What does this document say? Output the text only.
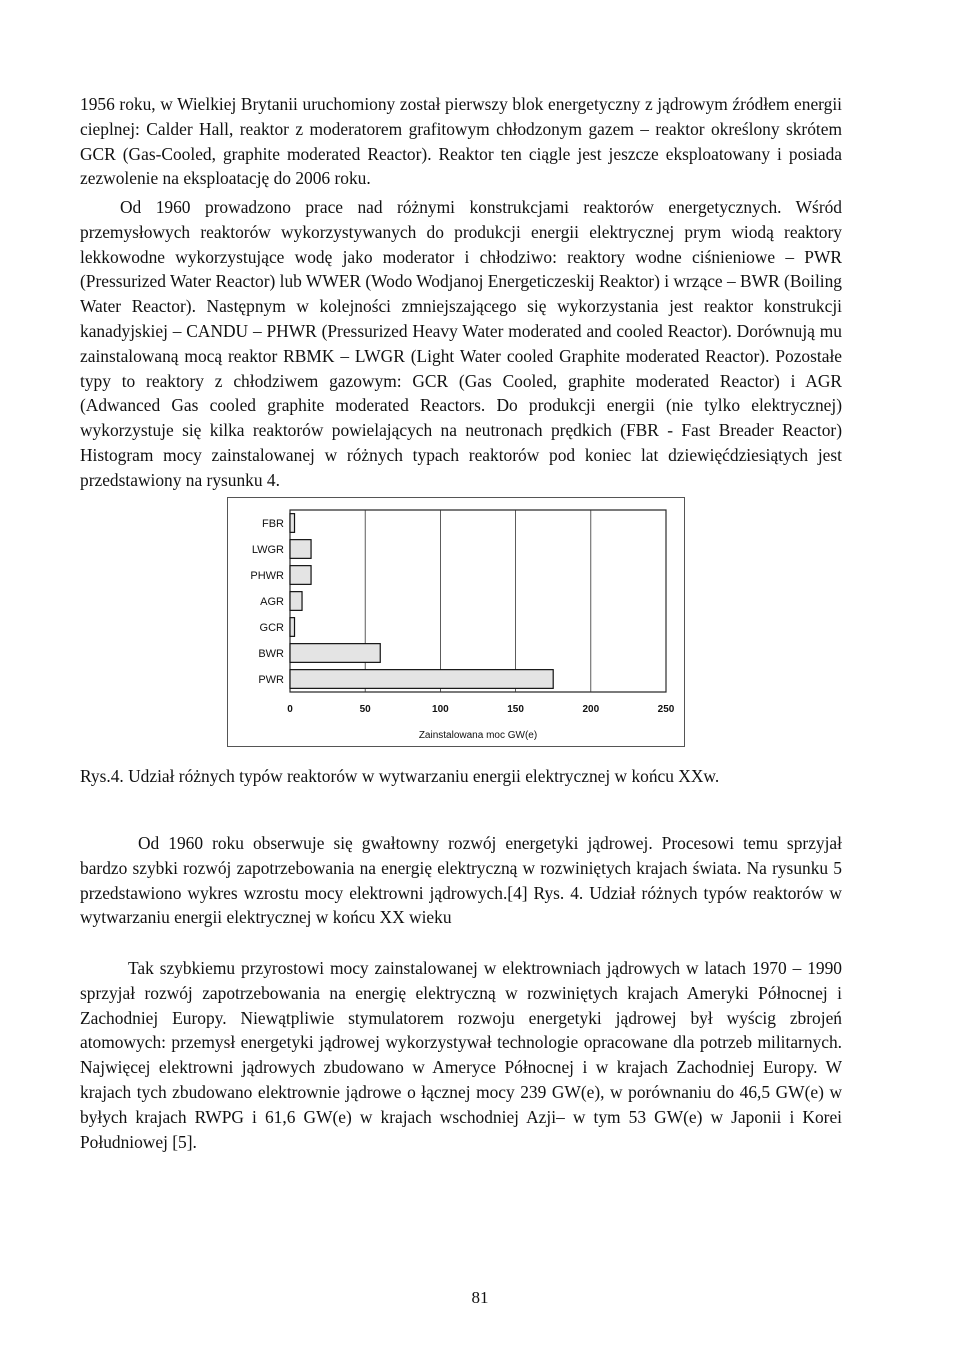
1956 roku, w Wielkiej Brytanii uruchomiony został pierwszy blok energetyczny z jądrowym źródłem energii cieplnej: Calder Hall, reaktor z moderatorem grafitowym chłodzonym gazem – reaktor określony skrótem GCR (Gas-Cooled, graphite moderated Reactor). Reaktor ten ciągle jest jeszcze eksploatowany i posiada zezwolenie na eksploatację do 2006 roku.

Od 1960 prowadzono prace nad różnymi konstrukcjami reaktorów energetycznych. Wśród przemysłowych reaktorów wykorzystywanych do produkcji energii elektrycznej prym wiodą reaktory lekkowodne wykorzystujące wodę jako moderator i chłodziwo: reaktory wodne ciśnieniowe – PWR (Pressurized Water Reactor) lub WWER (Wodo Wodjanoj Energeticzeskij Reaktor) i wrzące – BWR (Boiling Water Reactor). Następnym w kolejności zmniejszającego się wykorzystania jest reaktor konstrukcji kanadyjskiej – CANDU – PHWR (Pressurized Heavy Water moderated and cooled Reactor). Dorównują mu zainstalowaną mocą reaktor RBMK – LWGR (Light Water cooled Graphite moderated Reactor). Pozostałe typy to reaktory z chłodziwem gazowym: GCR (Gas Cooled, graphite moderated Reactor) i AGR (Adwanced Gas cooled graphite moderated Reactors. Do produkcji energii (nie tylko elektrycznej) wykorzystuje się kilka reaktorów powielających na neutronach prędkich (FBR - Fast Breader Reactor) Histogram mocy zainstalowanej w różnych typach reaktorów pod koniec lat dziewięćdziesiątych jest przedstawiony na rysunku 4.

FBR
LWGR
PHWR
AGR
GCR
BWR
PWR
0	50	100	150	200	250
Zainstalowana moc GW(e)

Rys.4. Udział różnych typów reaktorów w wytwarzaniu energii elektrycznej w końcu XXw.

Od 1960 roku obserwuje się gwałtowny rozwój energetyki jądrowej. Procesowi temu sprzyjał bardzo szybki rozwój zapotrzebowania na energię elektryczną w rozwiniętych krajach świata. Na rysunku 5 przedstawiono wykres wzrostu mocy elektrowni jądrowych.[4] Rys. 4. Udział różnych typów reaktorów w wytwarzaniu energii elektrycznej w końcu XX wieku

Tak szybkiemu przyrostowi mocy zainstalowanej w elektrowniach jądrowych w latach 1970 – 1990 sprzyjał rozwój zapotrzebowania na energię elektryczną w rozwiniętych krajach Ameryki Północnej i Zachodniej Europy. Niewątpliwie stymulatorem rozwoju energetyki jądrowej był wyścig zbrojeń atomowych: przemysł energetyki jądrowej wykorzystywał technologie opracowane dla potrzeb militarnych. Najwięcej elektrowni jądrowych zbudowano w Ameryce Północnej i w krajach Zachodniej Europy. W krajach tych zbudowano elektrownie jądrowe o łącznej mocy 239 GW(e), w porównaniu do 46,5 GW(e) w byłych krajach RWPG i 61,6 GW(e) w krajach wschodniej Azji– w tym 53 GW(e) w Japonii i Korei Południowej [5].

81
